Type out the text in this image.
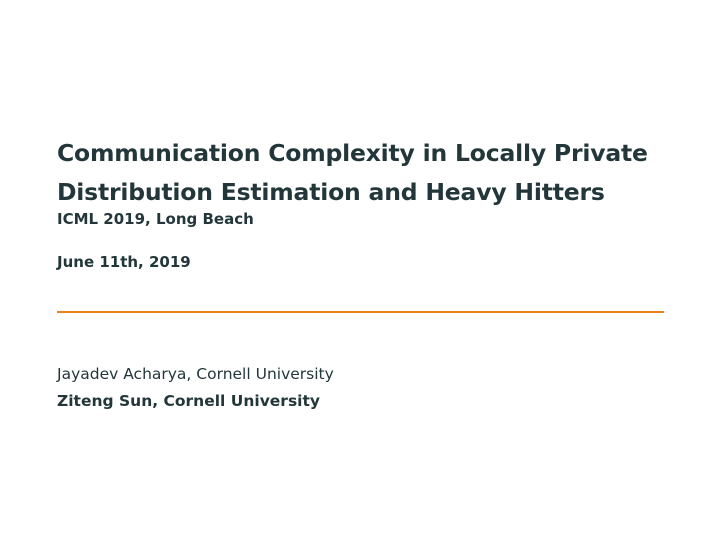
Communication Complexity in Locally Private
Distribution Estimation and Heavy Hitters
ICML 2019, Long Beach
June 11th, 2019
Jayadev Acharya, Cornell University
Ziteng Sun, Cornell University
